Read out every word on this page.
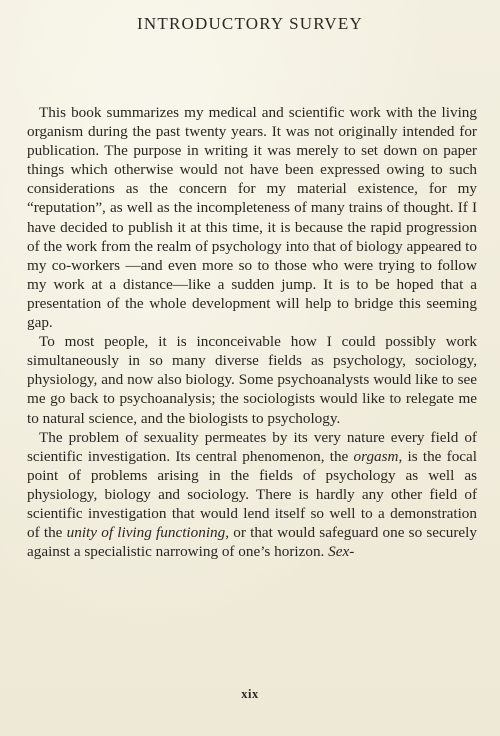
INTRODUCTORY SURVEY

This book summarizes my medical and scientific work with the living organism during the past twenty years. It was not originally intended for publication. The purpose in writing it was merely to set down on paper things which otherwise would not have been expressed owing to such considerations as the concern for my material existence, for my “reputation”, as well as the incompleteness of many trains of thought. If I have decided to publish it at this time, it is because the rapid progression of the work from the realm of psychology into that of biology appeared to my co-workers —and even more so to those who were trying to follow my work at a distance—like a sudden jump. It is to be hoped that a presentation of the whole development will help to bridge this seeming gap.

To most people, it is inconceivable how I could possibly work simultaneously in so many diverse fields as psychology, sociology, physiology, and now also biology. Some psychoanalysts would like to see me go back to psychoanalysis; the sociologists would like to relegate me to natural science, and the biologists to psychology.

The problem of sexuality permeates by its very nature every field of scientific investigation. Its central phenomenon, the orgasm, is the focal point of problems arising in the fields of psychology as well as physiology, biology and sociology. There is hardly any other field of scientific investigation that would lend itself so well to a demonstration of the unity of living functioning, or that would safeguard one so securely against a specialistic narrowing of one’s horizon. Sex-

xix
